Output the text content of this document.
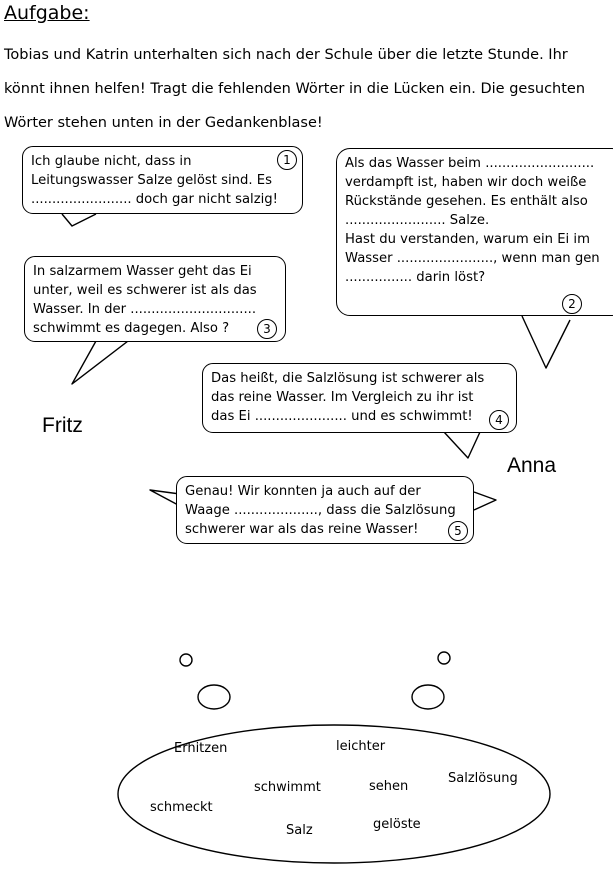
Aufgabe:

Tobias und Katrin unterhalten sich nach der Schule über die letzte Stunde. Ihr

könnt ihnen helfen! Tragt die fehlenden Wörter in die Lücken ein. Die gesuchten

Wörter stehen unten in der Gedankenblase!

Ich glaube nicht, dass in

Leitungswasser Salze gelöst sind. Es

........................ doch gar nicht salzig!

1	Als das Wasser beim ..........................

verdampft ist, haben wir doch weiße

Rückstände gesehen. Es enthält also

........................ Salze.

Hast du verstanden, warum ein Ei im

Wasser ......................., wenn man gen

................ darin löst?

2

In salzarmem Wasser geht das Ei

unter, weil es schwerer ist als das

Wasser. In der ..............................

schwimmt es dagegen. Also ?	3

Das heißt, die Salzlösung ist schwerer als

das reine Wasser. Im Vergleich zu ihr ist

das Ei ...................... und es schwimmt!	4

Genau! Wir konnten ja auch auf der

Waage ...................., dass die Salzlösung

schwerer war als das reine Wasser!	5
Fritz
Anna
Erhitzen	leichter
schwimmt	sehen
Salzlösung
schmeckt
Salz	gelöste
